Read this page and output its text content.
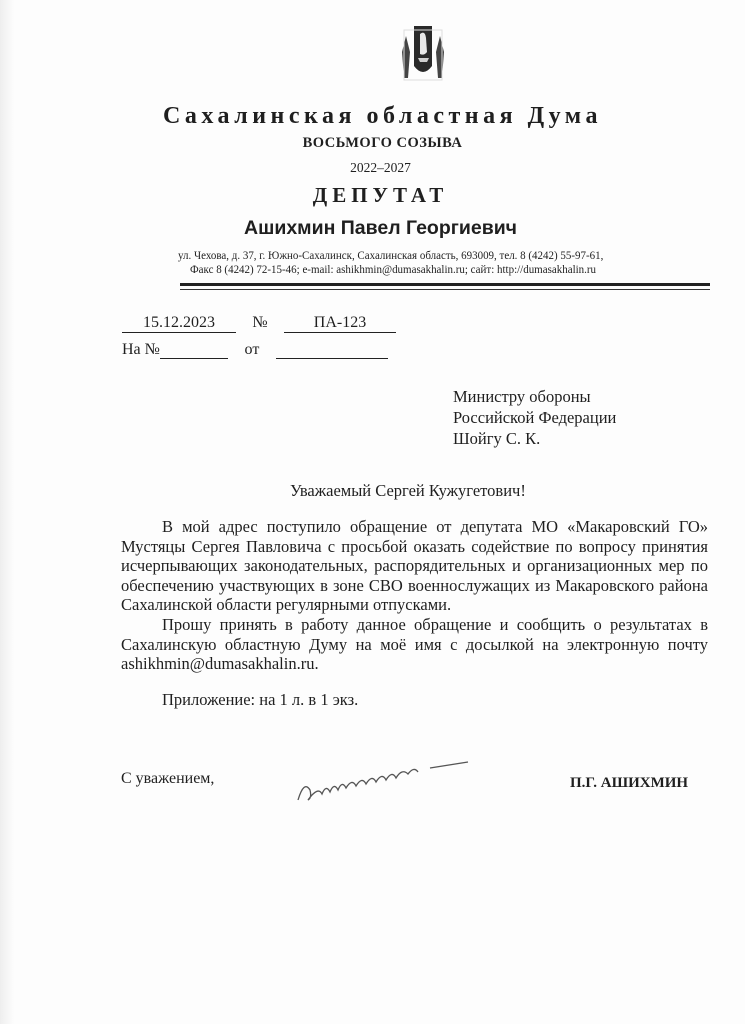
Сахалинская областная Дума
ВОСЬМОГО СОЗЫВА
2022–2027
ДЕПУТАТ
Ашихмин Павел Георгиевич
ул. Чехова, д. 37, г. Южно-Сахалинск, Сахалинская область, 693009, тел. 8 (4242) 55-97-61,
Факс 8 (4242) 72-15-46; e-mail: ashikhmin@dumasakhalin.ru; сайт: http://dumasakhalin.ru
15.12.2023 №	ПА-123
На №	от
Министру обороны
Российской Федерации
Шойгу С. К.
Уважаемый Сергей Кужугетович!

В мой адрес поступило обращение от депутата МО «Макаровский ГО» Мустяцы Сергея Павловича с просьбой оказать содействие по вопросу принятия исчерпывающих законодательных, распорядительных и организационных мер по обеспечению участвующих в зоне СВО военнослужащих из Макаровского района Сахалинской области регулярными отпусками.

Прошу принять в работу данное обращение и сообщить о результатах в Сахалинскую областную Думу на моё имя с досылкой на электронную почту ashikhmin@dumasakhalin.ru.

Приложение: на 1 л. в 1 экз.
С уважением,	П.Г. АШИХМИН
